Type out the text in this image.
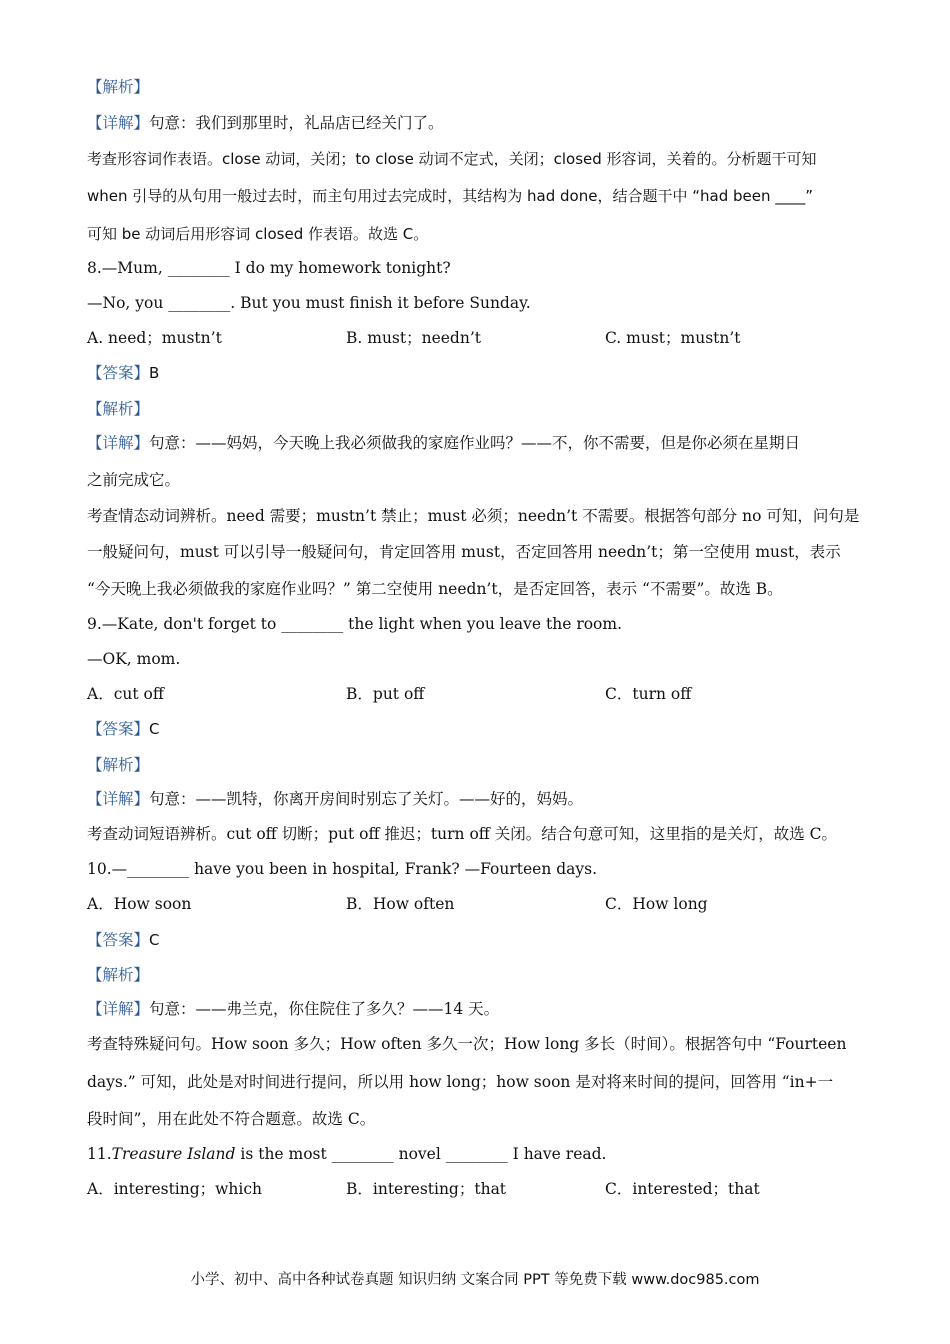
【解析】
【详解】句意：我们到那里时，礼品店已经关门了。
考查形容词作表语。close 动词，关闭；to close 动词不定式，关闭；closed 形容词，关着的。分析题干可知
when 引导的从句用一般过去时，而主句用过去完成时，其结构为 had done，结合题干中 “had been ____”
可知 be 动词后用形容词 closed 作表语。故选 C。
8.—Mum, ________ I do my homework tonight?
—No, you ________. But you must finish it before Sunday.
A. need；mustn’t	B. must；needn’t	C. must；mustn’t
【答案】B
【解析】
【详解】句意：——妈妈，今天晚上我必须做我的家庭作业吗？——不，你不需要，但是你必须在星期日
之前完成它。
考查情态动词辨析。need 需要；mustn’t 禁止；must 必须；needn’t 不需要。根据答句部分 no 可知，问句是
一般疑问句，must 可以引导一般疑问句，肯定回答用 must，否定回答用 needn’t；第一空使用 must，表示
“今天晚上我必须做我的家庭作业吗？” 第二空使用 needn’t，是否定回答，表示 “不需要”。故选 B。
9.—Kate, don't forget to ________ the light when you leave the room.
—OK, mom.
A．cut off	B．put off	C．turn off
【答案】C
【解析】
【详解】句意：——凯特，你离开房间时别忘了关灯。——好的，妈妈。
考查动词短语辨析。cut off 切断；put off 推迟；turn off 关闭。结合句意可知，这里指的是关灯，故选 C。
10.—________ have you been in hospital, Frank? —Fourteen days.
A．How soon	B．How often	C．How long
【答案】C
【解析】
【详解】句意：——弗兰克，你住院住了多久？——14 天。
考查特殊疑问句。How soon 多久；How often 多久一次；How long 多长（时间）。根据答句中 “Fourteen
days.” 可知，此处是对时间进行提问，所以用 how long；how soon 是对将来时间的提问，回答用 “in+一
段时间”，用在此处不符合题意。故选 C。
11.Treasure Island is the most ________ novel ________ I have read.
A．interesting；which	B．interesting；that	C．interested；that
小学、初中、高中各种试卷真题 知识归纳 文案合同 PPT 等免费下载 www.doc985.com
